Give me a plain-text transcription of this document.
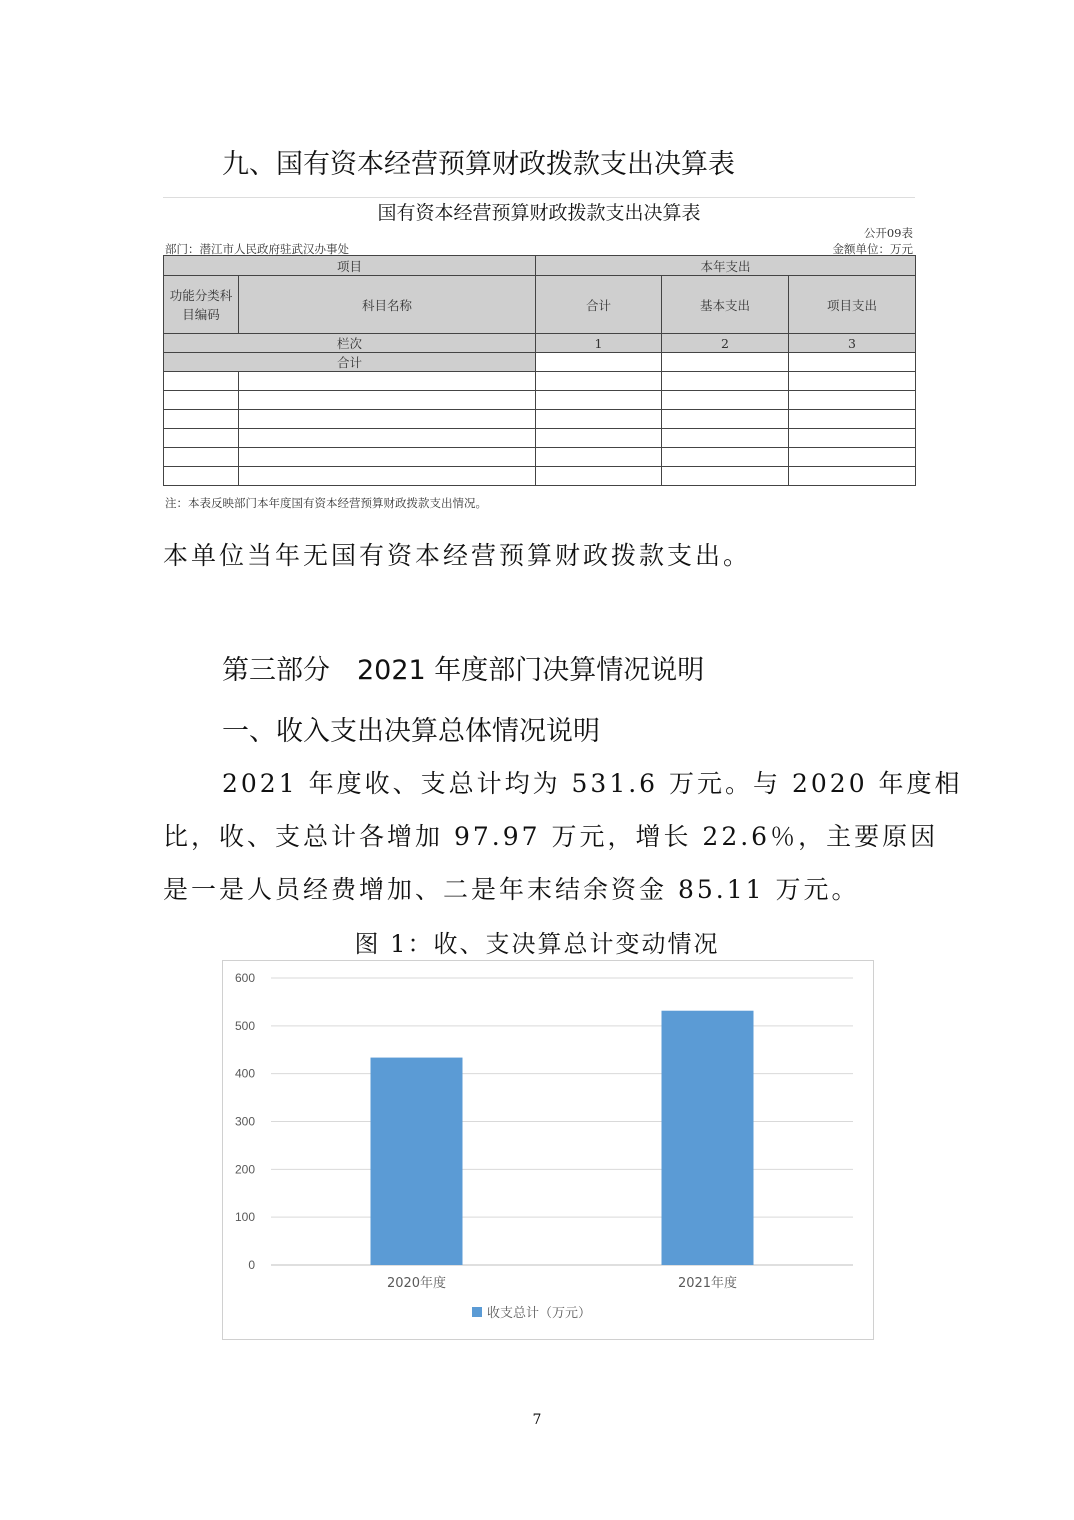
九、国有资本经营预算财政拨款支出决算表
国有资本经营预算财政拨款支出决算表
公开09表
部门：潜江市人民政府驻武汉办事处	金额单位：万元
项目		本年支出		
功能分类科目编码	科目名称	合计	基本支出	项目支出
栏次		1	2	3
合计				

注：本表反映部门本年度国有资本经营预算财政拨款支出情况。
本单位当年无国有资本经营预算财政拨款支出。
第三部分　2021 年度部门决算情况说明
一、收入支出决算总体情况说明
2021 年度收、支总计均为 531.6 万元。与 2020 年度相
比，收、支总计各增加 97.97 万元，增长 22.6％，主要原因
是一是人员经费增加、二是年末结余资金 85.11 万元。
图 1：收、支决算总计变动情况
0
100
200
300
400
500
600
2020年度	2021年度
收支总计（万元）
7
